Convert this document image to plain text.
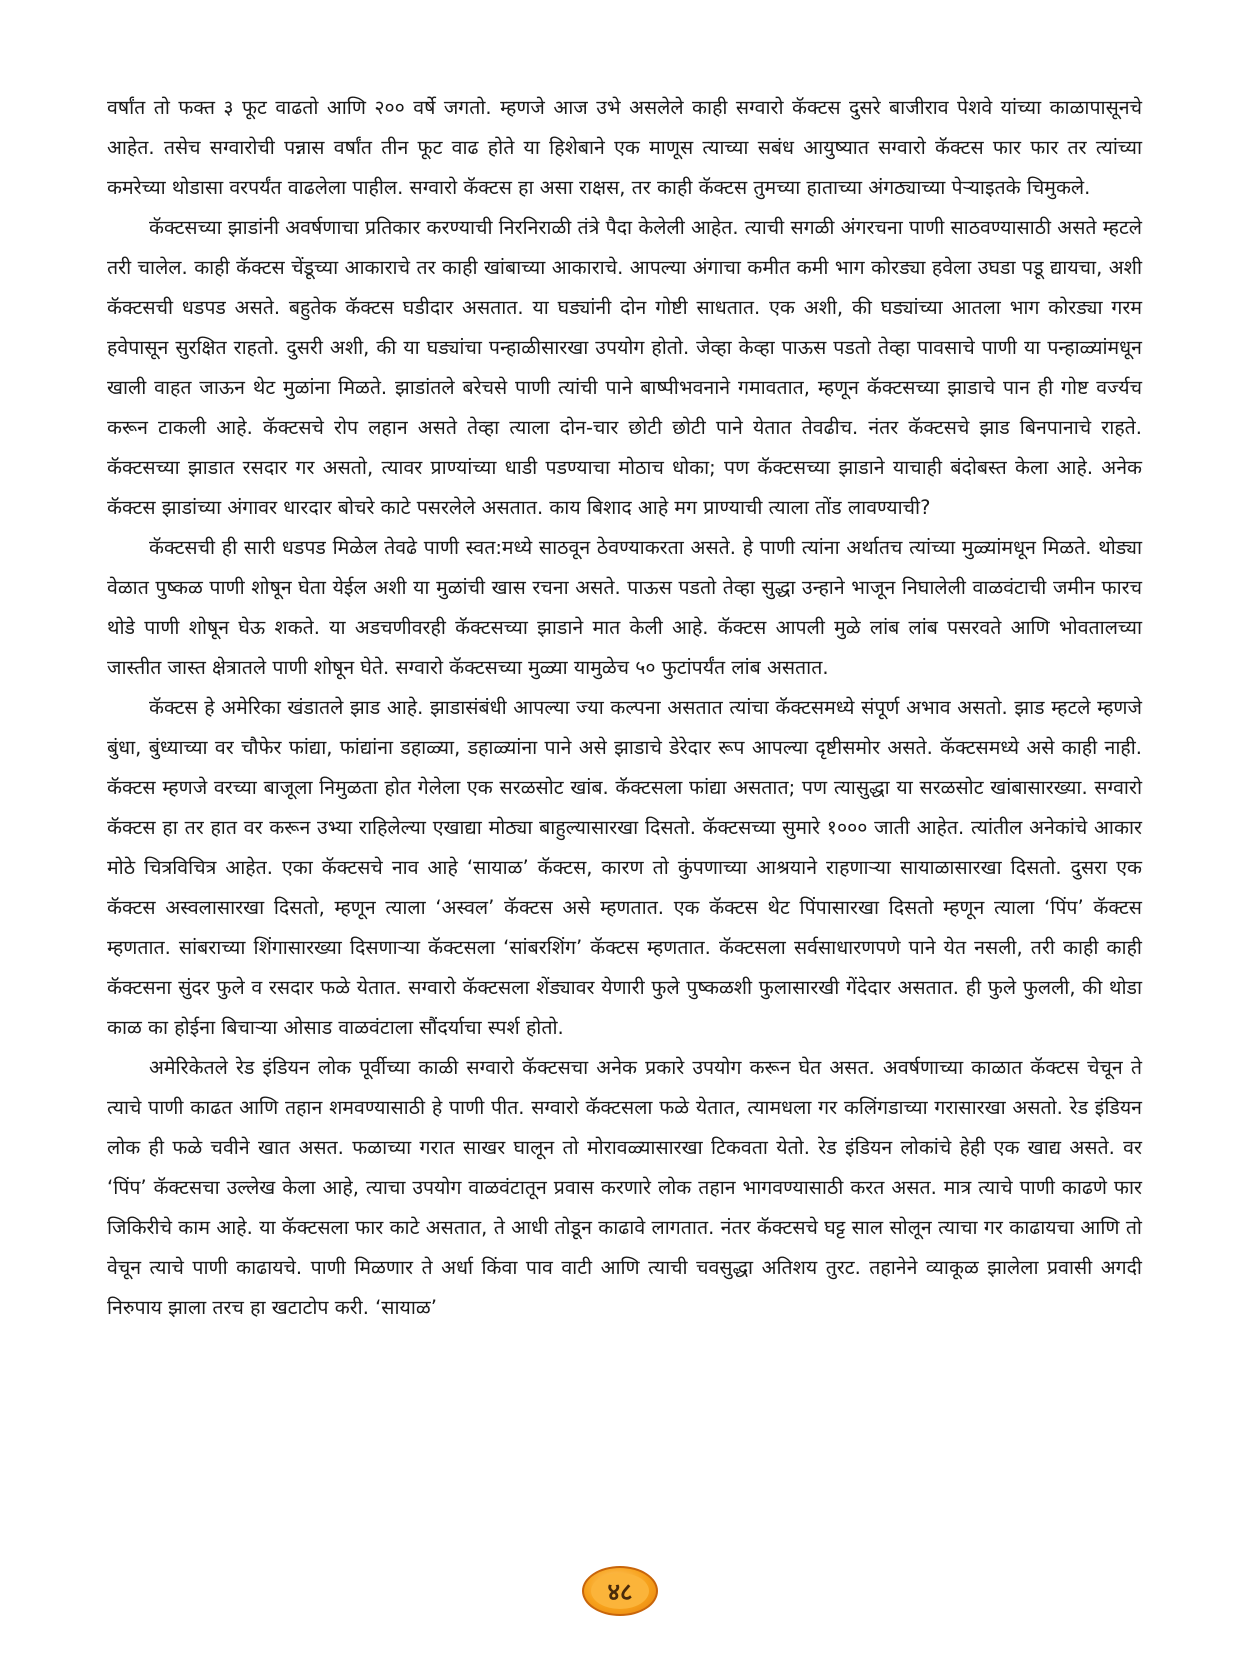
वर्षांत तो फक्त ३ फूट वाढतो आणि २०० वर्षे जगतो. म्हणजे आज उभे असलेले काही सग्वारो कॅक्टस दुसरे बाजीराव पेशवे यांच्या काळापासूनचे आहेत. तसेच सग्वारोची पन्नास वर्षांत तीन फूट वाढ होते या हिशेबाने एक माणूस त्याच्या सबंध आयुष्यात सग्वारो कॅक्टस फार फार तर त्यांच्या कमरेच्या थोडासा वरपर्यंत वाढलेला पाहील. सग्वारो कॅक्टस हा असा राक्षस, तर काही कॅक्टस तुमच्या हाताच्या अंगठ्याच्या पेऱ्याइतके चिमुकले.

कॅक्टसच्या झाडांनी अवर्षणाचा प्रतिकार करण्याची निरनिराळी तंत्रे पैदा केलेली आहेत. त्याची सगळी अंगरचना पाणी साठवण्यासाठी असते म्हटले तरी चालेल. काही कॅक्टस चेंडूच्या आकाराचे तर काही खांबाच्या आकाराचे. आपल्या अंगाचा कमीत कमी भाग कोरड्या हवेला उघडा पडू द्यायचा, अशी कॅक्टसची धडपड असते. बहुतेक कॅक्टस घडीदार असतात. या घड्यांनी दोन गोष्टी साधतात. एक अशी, की घड्यांच्या आतला भाग कोरड्या गरम हवेपासून सुरक्षित राहतो. दुसरी अशी, की या घड्यांचा पन्हाळीसारखा उपयोग होतो. जेव्हा केव्हा पाऊस पडतो तेव्हा पावसाचे पाणी या पन्हाळ्यांमधून खाली वाहत जाऊन थेट मुळांना मिळते. झाडांतले बरेचसे पाणी त्यांची पाने बाष्पीभवनाने गमावतात, म्हणून कॅक्टसच्या झाडाचे पान ही गोष्ट वर्ज्यच करून टाकली आहे. कॅक्टसचे रोप लहान असते तेव्हा त्याला दोन-चार छोटी छोटी पाने येतात तेवढीच. नंतर कॅक्टसचे झाड बिनपानाचे राहते. कॅक्टसच्या झाडात रसदार गर असतो, त्यावर प्राण्यांच्या धाडी पडण्याचा मोठाच धोका; पण कॅक्टसच्या झाडाने याचाही बंदोबस्त केला आहे. अनेक कॅक्टस झाडांच्या अंगावर धारदार बोचरे काटे पसरलेले असतात. काय बिशाद आहे मग प्राण्याची त्याला तोंड लावण्याची?

कॅक्टसची ही सारी धडपड मिळेल तेवढे पाणी स्वत:मध्ये साठवून ठेवण्याकरता असते. हे पाणी त्यांना अर्थातच त्यांच्या मुळ्यांमधून मिळते. थोड्या वेळात पुष्कळ पाणी शोषून घेता येईल अशी या मुळांची खास रचना असते. पाऊस पडतो तेव्हा सुद्धा उन्हाने भाजून निघालेली वाळवंटाची जमीन फारच थोडे पाणी शोषून घेऊ शकते. या अडचणीवरही कॅक्टसच्या झाडाने मात केली आहे. कॅक्टस आपली मुळे लांब लांब पसरवते आणि भोवतालच्या जास्तीत जास्त क्षेत्रातले पाणी शोषून घेते. सग्वारो कॅक्टसच्या मुळ्या यामुळेच ५० फुटांपर्यंत लांब असतात.

कॅक्टस हे अमेरिका खंडातले झाड आहे. झाडासंबंधी आपल्या ज्या कल्पना असतात त्यांचा कॅक्टसमध्ये संपूर्ण अभाव असतो. झाड म्हटले म्हणजे बुंधा, बुंध्याच्या वर चौफेर फांद्या, फांद्यांना डहाळ्या, डहाळ्यांना पाने असे झाडाचे डेरेदार रूप आपल्या दृष्टीसमोर असते. कॅक्टसमध्ये असे काही नाही. कॅक्टस म्हणजे वरच्या बाजूला निमुळता होत गेलेला एक सरळसोट खांब. कॅक्टसला फांद्या असतात; पण त्यासुद्धा या सरळसोट खांबासारख्या. सग्वारो कॅक्टस हा तर हात वर करून उभ्या राहिलेल्या एखाद्या मोठ्या बाहुल्यासारखा दिसतो. कॅक्टसच्या सुमारे १००० जाती आहेत. त्यांतील अनेकांचे आकार मोठे चित्रविचित्र आहेत. एका कॅक्टसचे नाव आहे ‘सायाळ’ कॅक्टस, कारण तो कुंपणाच्या आश्रयाने राहणाऱ्या सायाळासारखा दिसतो. दुसरा एक कॅक्टस अस्वलासारखा दिसतो, म्हणून त्याला ‘अस्वल’ कॅक्टस असे म्हणतात. एक कॅक्टस थेट पिंपासारखा दिसतो म्हणून त्याला ‘पिंप’ कॅक्टस म्हणतात. सांबराच्या शिंगासारख्या दिसणाऱ्या कॅक्टसला ‘सांबरशिंग’ कॅक्टस म्हणतात. कॅक्टसला सर्वसाधारणपणे पाने येत नसली, तरी काही काही कॅक्टसना सुंदर फुले व रसदार फळे येतात. सग्वारो कॅक्टसला शेंड्यावर येणारी फुले पुष्कळशी फुलासारखी गेंदेदार असतात. ही फुले फुलली, की थोडा काळ का होईना बिचाऱ्या ओसाड वाळवंटाला सौंदर्याचा स्पर्श होतो.

अमेरिकेतले रेड इंडियन लोक पूर्वीच्या काळी सग्वारो कॅक्टसचा अनेक प्रकारे उपयोग करून घेत असत. अवर्षणाच्या काळात कॅक्टस चेचून ते त्याचे पाणी काढत आणि तहान शमवण्यासाठी हे पाणी पीत. सग्वारो कॅक्टसला फळे येतात, त्यामधला गर कलिंगडाच्या गरासारखा असतो. रेड इंडियन लोक ही फळे चवीने खात असत. फळाच्या गरात साखर घालून तो मोरावळ्यासारखा टिकवता येतो. रेड इंडियन लोकांचे हेही एक खाद्य असते. वर ‘पिंप’ कॅक्टसचा उल्लेख केला आहे, त्याचा उपयोग वाळवंटातून प्रवास करणारे लोक तहान भागवण्यासाठी करत असत. मात्र त्याचे पाणी काढणे फार जिकिरीचे काम आहे. या कॅक्टसला फार काटे असतात, ते आधी तोडून काढावे लागतात. नंतर कॅक्टसचे घट्ट साल सोलून त्याचा गर काढायचा आणि तो वेचून त्याचे पाणी काढायचे. पाणी मिळणार ते अर्धा किंवा पाव वाटी आणि त्याची चवसुद्धा अतिशय तुरट. तहानेने व्याकूळ झालेला प्रवासी अगदी निरुपाय झाला तरच हा खटाटोप करी. ‘सायाळ’

४८
